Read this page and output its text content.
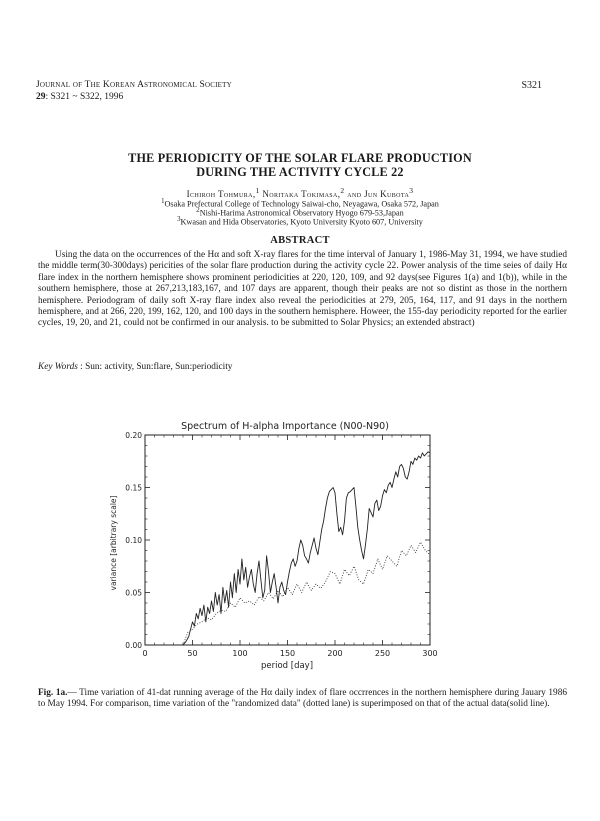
Journal of The Korean Astronomical Society	S321
29: S321 ~ S322, 1996
THE PERIODICITY OF THE SOLAR FLARE PRODUCTION
DURING THE ACTIVITY CYCLE 22
Ichiroh Tohmura,$^1$ Noritaka Tokimasa,$^2$ and Jun Kubota$^3$
$^1$Osaka Prefectural College of Technology Saiwai-cho, Neyagawa, Osaka 572, Japan
$^2$Nishi-Harima Astronomical Observatory Hyogo 679-53,Japan
$^3$Kwasan and Hida Observatories, Kyoto University Kyoto 607, University
ABSTRACT

Using the data on the occurrences of the Hα and soft X-ray flares for the time interval of January 1, 1986-May 31, 1994, we have studied the middle term(30-300days) pericities of the solar flare production during the activity cycle 22. Power analysis of the time seies of daily Hα flare index in the northern hemisphere shows prominent periodicities at 220, 120, 109, and 92 days(see Figures 1(a) and 1(b)), while in the southern hemisphere, those at 267,213,183,167, and 107 days are apparent, though their peaks are not so distint as those in the northern hemisphere. Periodogram of daily soft X-ray flare index also reveal the periodicities at 279, 205, 164, 117, and 91 days in the northern hemisphere, and at 266, 220, 199, 162, 120, and 100 days in the southern hemisphere. Howeer, the 155-day periodicity reported for the earlier cycles, 19, 20, and 21, could not be confirmed in our analysis. to be submitted to Solar Physics; an extended abstract)

Key Words : Sun: activity, Sun:flare, Sun:periodicity
Spectrum of H-alpha Importance (N00-N90)
0	50	100	150	200	250	300
0.00
0.05
0.10
0.15
0.20
period [day]
variance [arbitrary scale]
Fig. 1a.— Time variation of 41-dat running average of the Hα daily index of flare occrrences in the northern hemisphere during Jauary 1986 to May 1994. For comparison, time variation of the "randomized data" (dotted lane) is superimposed on that of the actual data(solid line).
